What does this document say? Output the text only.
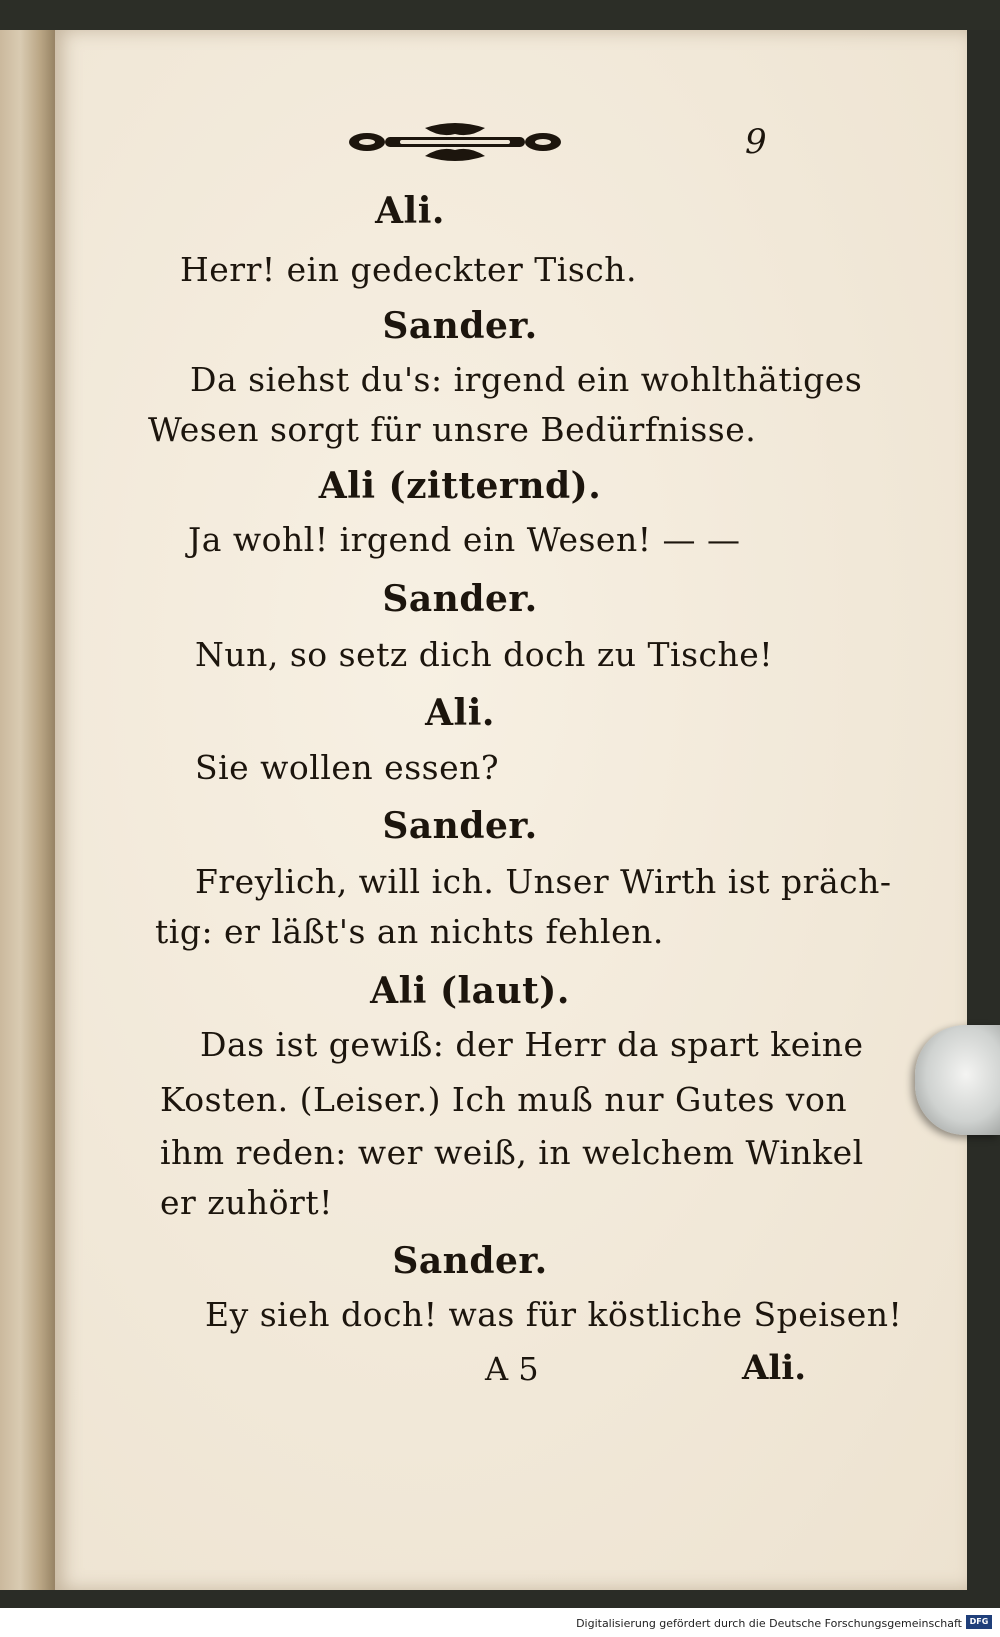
9
Ali.
Herr! ein gedeckter Tisch.
Sander.
Da siehst du's: irgend ein wohlthätiges
Wesen sorgt für unsre Bedürfnisse.
Ali (zitternd).
Ja wohl! irgend ein Wesen! — —
Sander.
Nun, so setz dich doch zu Tische!
Ali.
Sie wollen essen?
Sander.
Freylich, will ich. Unser Wirth ist präch-
tig: er läßt's an nichts fehlen.
Ali (laut).
Das ist gewiß: der Herr da spart keine
Kosten. (Leiser.) Ich muß nur Gutes von
ihm reden: wer weiß, in welchem Winkel
er zuhört!
Sander.
Ey sieh doch! was für köstliche Speisen!
A 5	Ali.
Digitalisierung gefördert durch die Deutsche Forschungsgemeinschaft DFG
